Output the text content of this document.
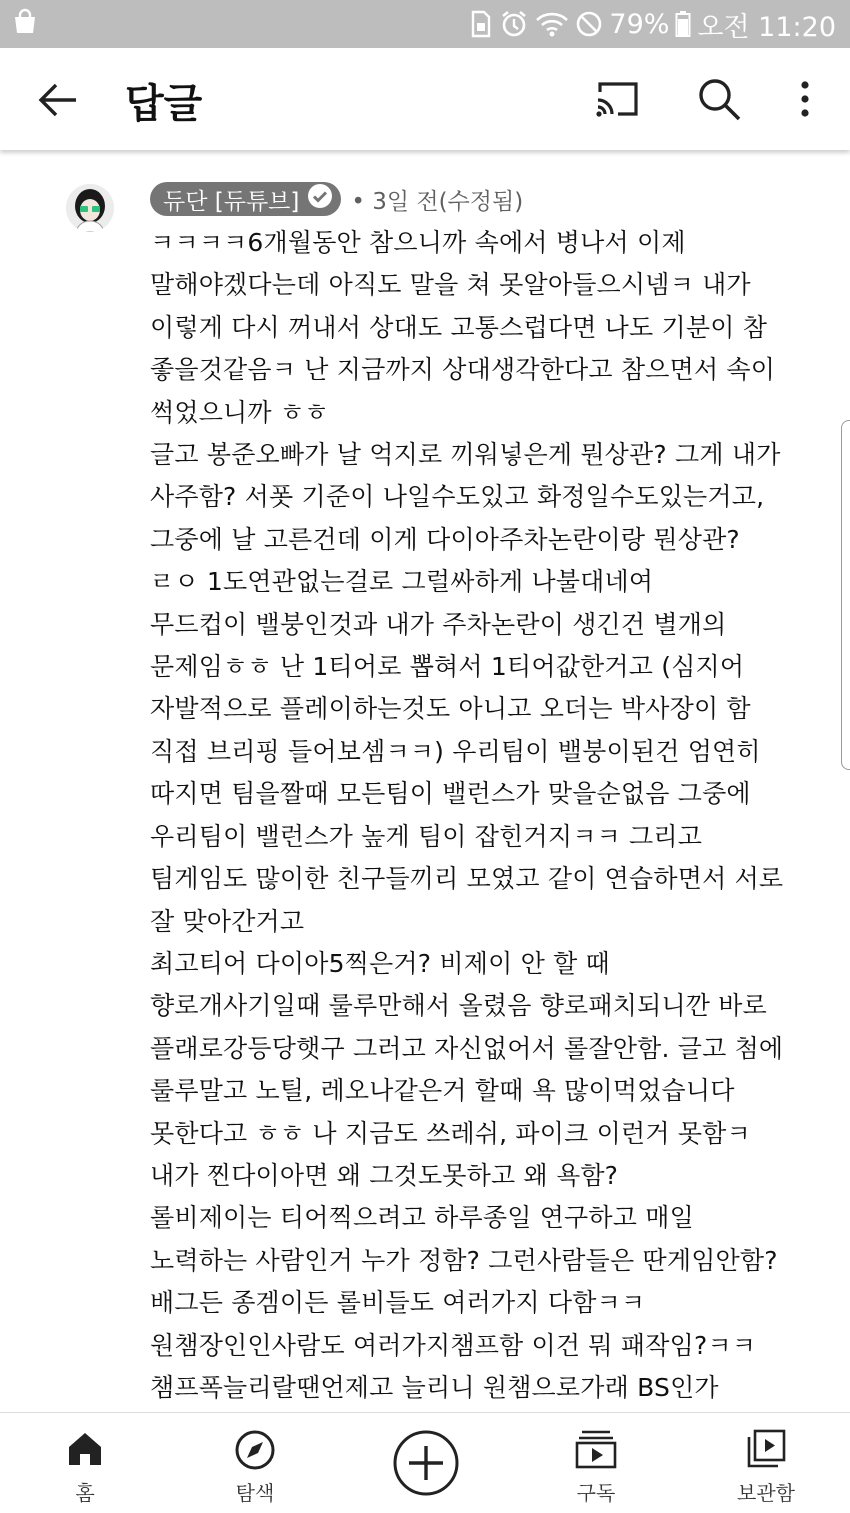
79% 오전 11:20
답글
듀단 [듀튜브] • 3일 전(수정됨)
ㅋㅋㅋㅋ6개월동안 참으니까 속에서 병나서 이제
말해야겠다는데 아직도 말을 쳐 못알아들으시넴ㅋ 내가
이렇게 다시 꺼내서 상대도 고통스럽다면 나도 기분이 참
좋을것같음ㅋ 난 지금까지 상대생각한다고 참으면서 속이
썩었으니까 ㅎㅎ
글고 봉준오빠가 날 억지로 끼워넣은게 뭔상관? 그게 내가
사주함? 서폿 기준이 나일수도있고 화정일수도있는거고,
그중에 날 고른건데 이게 다이아주차논란이랑 뭔상관?
ㄹㅇ 1도연관없는걸로 그럴싸하게 나불대네여
무드컵이 밸붕인것과 내가 주차논란이 생긴건 별개의
문제임ㅎㅎ 난 1티어로 뽑혀서 1티어값한거고 (심지어
자발적으로 플레이하는것도 아니고 오더는 박사장이 함
직접 브리핑 들어보셈ㅋㅋ) 우리팀이 밸붕이된건 엄연히
따지면 팀을짤때 모든팀이 밸런스가 맞을순없음 그중에
우리팀이 밸런스가 높게 팀이 잡힌거지ㅋㅋ 그리고
팀게임도 많이한 친구들끼리 모였고 같이 연습하면서 서로
잘 맞아간거고
최고티어 다이아5찍은거? 비제이 안 할 때
향로개사기일때 룰루만해서 올렸음 향로패치되니깐 바로
플래로강등당햇구 그러고 자신없어서 롤잘안함. 글고 첨에
룰루말고 노틸, 레오나같은거 할때 욕 많이먹었습니다
못한다고 ㅎㅎ 나 지금도 쓰레쉬, 파이크 이런거 못함ㅋ
내가 찐다이아면 왜 그것도못하고 왜 욕함?
롤비제이는 티어찍으려고 하루종일 연구하고 매일
노력하는 사람인거 누가 정함? 그런사람들은 딴게임안함?
배그든 종겜이든 롤비들도 여러가지 다함ㅋㅋ
원챔장인인사람도 여러가지챔프함 이건 뭐 패작임?ㅋㅋ
챔프폭늘리랄땐언제고 늘리니 원챔으로가래 BS인가
홈	탐색	구독	보관함
